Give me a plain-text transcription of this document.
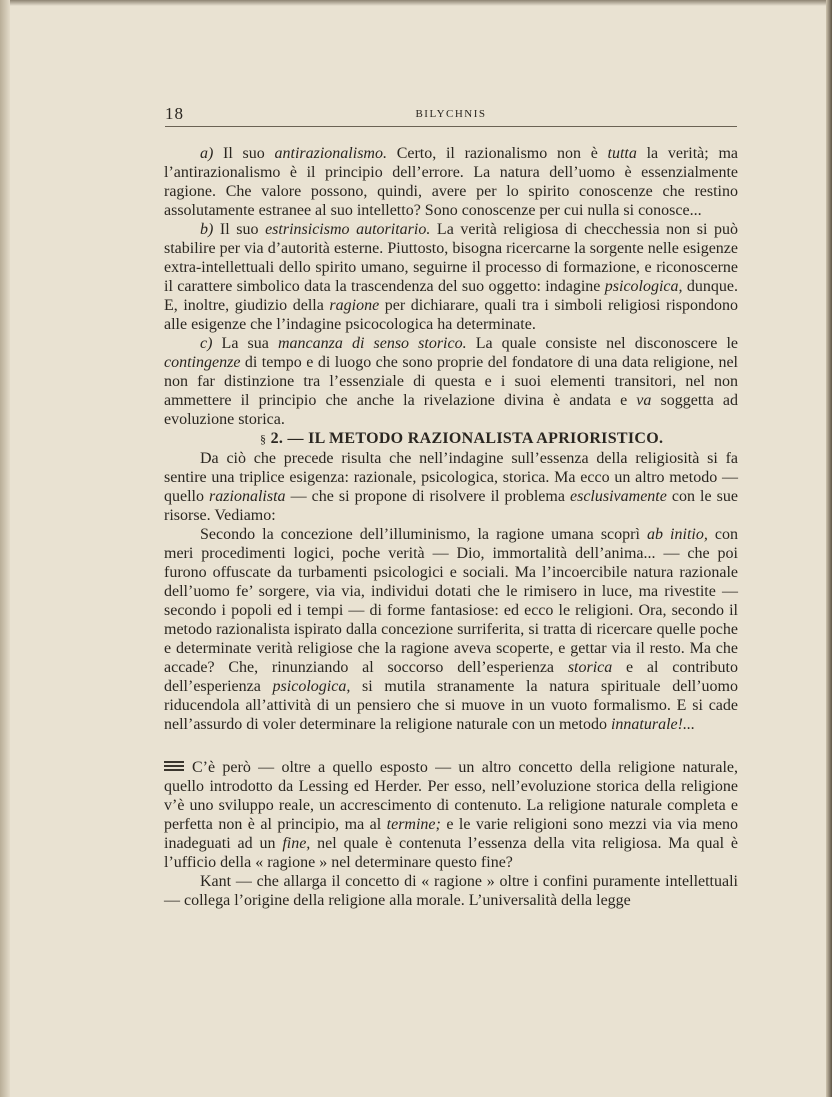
18	BILYCHNIS

a) Il suo antirazionalismo. Certo, il razionalismo non è tutta la verità; ma l’antirazionalismo è il principio dell’errore. La natura dell’uomo è essenzialmente ragione. Che valore possono, quindi, avere per lo spirito conoscenze che restino assolutamente estranee al suo intelletto? Sono conoscenze per cui nulla si conosce...

b) Il suo estrinsicismo autoritario. La verità religiosa di checchessia non si può stabilire per via d’autorità esterne. Piuttosto, bisogna ricercarne la sorgente nelle esigenze extra-intellettuali dello spirito umano, seguirne il processo di formazione, e riconoscerne il carattere simbolico data la trascendenza del suo oggetto: indagine psicologica, dunque. E, inoltre, giudizio della ragione per dichiarare, quali tra i simboli religiosi rispondono alle esigenze che l’indagine psicocologica ha determinate.

c) La sua mancanza di senso storico. La quale consiste nel disconoscere le contingenze di tempo e di luogo che sono proprie del fondatore di una data religione, nel non far distinzione tra l’essenziale di questa e i suoi elementi transitori, nel non ammettere il principio che anche la rivelazione divina è andata e va soggetta ad evoluzione storica.

§ 2. — IL METODO RAZIONALISTA APRIORISTICO.

Da ciò che precede risulta che nell’indagine sull’essenza della religiosità si fa sentire una triplice esigenza: razionale, psicologica, storica. Ma ecco un altro metodo — quello razionalista — che si propone di risolvere il problema esclusivamente con le sue risorse. Vediamo:

Secondo la concezione dell’illuminismo, la ragione umana scoprì ab initio, con meri procedimenti logici, poche verità — Dio, immortalità dell’anima... — che poi furono offuscate da turbamenti psicologici e sociali. Ma l’incoercibile natura razionale dell’uomo fe’ sorgere, via via, individui dotati che le rimisero in luce, ma rivestite — secondo i popoli ed i tempi — di forme fantasiose: ed ecco le religioni. Ora, secondo il metodo razionalista ispirato dalla concezione surriferita, si tratta di ricercare quelle poche e determinate verità religiose che la ragione aveva scoperte, e gettar via il resto. Ma che accade? Che, rinunziando al soccorso dell’esperienza storica e al contributo dell’esperienza psicologica, si mutila stranamente la natura spirituale dell’uomo riducendola all’attività di un pensiero che si muove in un vuoto formalismo. E si cade nell’assurdo di voler determinare la religione naturale con un metodo innaturale!...

C’è però — oltre a quello esposto — un altro concetto della religione naturale, quello introdotto da Lessing ed Herder. Per esso, nell’evoluzione storica della religione v’è uno sviluppo reale, un accrescimento di contenuto. La religione naturale completa e perfetta non è al principio, ma al termine; e le varie religioni sono mezzi via via meno inadeguati ad un fine, nel quale è contenuta l’essenza della vita religiosa. Ma qual è l’ufficio della « ragione » nel determinare questo fine?

Kant — che allarga il concetto di « ragione » oltre i confini puramente intellettuali — collega l’origine della religione alla morale. L’universalità della legge
